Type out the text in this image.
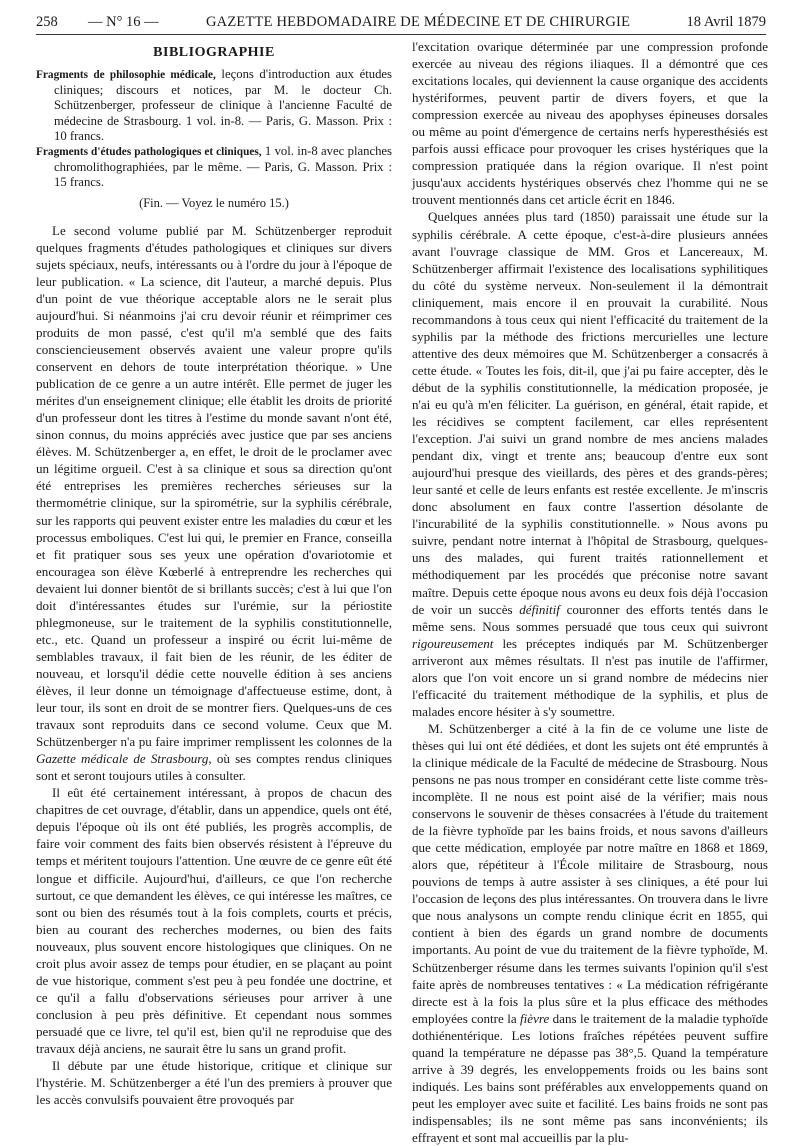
258 — N° 16 —	GAZETTE HEBDOMADAIRE DE MÉDECINE ET DE CHIRURGIE	18 Avril 1879
BIBLIOGRAPHIE

Fragments de philosophie médicale, leçons d'introduction aux études cliniques; discours et notices, par M. le docteur Ch. Schützenberger, professeur de clinique à l'ancienne Faculté de médecine de Strasbourg. 1 vol. in-8. — Paris, G. Masson. Prix : 10 francs.

Fragments d'études pathologiques et cliniques, 1 vol. in-8 avec planches chromolithographiées, par le même. — Paris, G. Masson. Prix : 15 francs.

(Fin. — Voyez le numéro 15.)

Le second volume publié par M. Schützenberger reproduit quelques fragments d'études pathologiques et cliniques sur divers sujets spéciaux, neufs, intéressants ou à l'ordre du jour à l'époque de leur publication. « La science, dit l'auteur, a marché depuis. Plus d'un point de vue théorique acceptable alors ne le serait plus aujourd'hui. Si néanmoins j'ai cru devoir réunir et réimprimer ces produits de mon passé, c'est qu'il m'a semblé que des faits consciencieusement observés avaient une valeur propre qu'ils conservent en dehors de toute interprétation théorique. » Une publication de ce genre a un autre intérêt. Elle permet de juger les mérites d'un enseignement clinique; elle établit les droits de priorité d'un professeur dont les titres à l'estime du monde savant n'ont été, sinon connus, du moins appréciés avec justice que par ses anciens élèves. M. Schützenberger a, en effet, le droit de le proclamer avec un légitime orgueil. C'est à sa clinique et sous sa direction qu'ont été entreprises les premières recherches sérieuses sur la thermométrie clinique, sur la spirométrie, sur la syphilis cérébrale, sur les rapports qui peuvent exister entre les maladies du cœur et les processus emboliques. C'est lui qui, le premier en France, conseilla et fit pratiquer sous ses yeux une opération d'ovariotomie et encouragea son élève Kœberlé à entreprendre les recherches qui devaient lui donner bientôt de si brillants succès; c'est à lui que l'on doit d'intéressantes études sur l'urémie, sur la périostite phlegmoneuse, sur le traitement de la syphilis constitutionnelle, etc., etc. Quand un professeur a inspiré ou écrit lui-même de semblables travaux, il fait bien de les réunir, de les éditer de nouveau, et lorsqu'il dédie cette nouvelle édition à ses anciens élèves, il leur donne un témoignage d'affectueuse estime, dont, à leur tour, ils sont en droit de se montrer fiers. Quelques-uns de ces travaux sont reproduits dans ce second volume. Ceux que M. Schützenberger n'a pu faire imprimer remplissent les colonnes de la Gazette médicale de Strasbourg, où ses comptes rendus cliniques sont et seront toujours utiles à consulter.

Il eût été certainement intéressant, à propos de chacun des chapitres de cet ouvrage, d'établir, dans un appendice, quels ont été, depuis l'époque où ils ont été publiés, les progrès accomplis, de faire voir comment des faits bien observés résistent à l'épreuve du temps et méritent toujours l'attention. Une œuvre de ce genre eût été longue et difficile. Aujourd'hui, d'ailleurs, ce que l'on recherche surtout, ce que demandent les élèves, ce qui intéresse les maîtres, ce sont ou bien des résumés tout à la fois complets, courts et précis, bien au courant des recherches modernes, ou bien des faits nouveaux, plus souvent encore histologiques que cliniques. On ne croit plus avoir assez de temps pour étudier, en se plaçant au point de vue historique, comment s'est peu à peu fondée une doctrine, et ce qu'il a fallu d'observations sérieuses pour arriver à une conclusion à peu près définitive. Et cependant nous sommes persuadé que ce livre, tel qu'il est, bien qu'il ne reproduise que des travaux déjà anciens, ne saurait être lu sans un grand profit.

Il débute par une étude historique, critique et clinique sur l'hystérie. M. Schützenberger a été l'un des premiers à prouver que les accès convulsifs pouvaient être provoqués par

l'excitation ovarique déterminée par une compression profonde exercée au niveau des régions iliaques. Il a démontré que ces excitations locales, qui deviennent la cause organique des accidents hystériformes, peuvent partir de divers foyers, et que la compression exercée au niveau des apophyses épineuses dorsales ou même au point d'émergence de certains nerfs hyperesthésiés est parfois aussi efficace pour provoquer les crises hystériques que la compression pratiquée dans la région ovarique. Il n'est point jusqu'aux accidents hystériques observés chez l'homme qui ne se trouvent mentionnés dans cet article écrit en 1846.

Quelques années plus tard (1850) paraissait une étude sur la syphilis cérébrale. A cette époque, c'est-à-dire plusieurs années avant l'ouvrage classique de MM. Gros et Lancereaux, M. Schützenberger affirmait l'existence des localisations syphilitiques du côté du système nerveux. Non-seulement il la démontrait cliniquement, mais encore il en prouvait la curabilité. Nous recommandons à tous ceux qui nient l'efficacité du traitement de la syphilis par la méthode des frictions mercurielles une lecture attentive des deux mémoires que M. Schützenberger a consacrés à cette étude. « Toutes les fois, dit-il, que j'ai pu faire accepter, dès le début de la syphilis constitutionnelle, la médication proposée, je n'ai eu qu'à m'en féliciter. La guérison, en général, était rapide, et les récidives se comptent facilement, car elles représentent l'exception. J'ai suivi un grand nombre de mes anciens malades pendant dix, vingt et trente ans; beaucoup d'entre eux sont aujourd'hui presque des vieillards, des pères et des grands-pères; leur santé et celle de leurs enfants est restée excellente. Je m'inscris donc absolument en faux contre l'assertion désolante de l'incurabilité de la syphilis constitutionnelle. » Nous avons pu suivre, pendant notre internat à l'hôpital de Strasbourg, quelques-uns des malades, qui furent traités rationnellement et méthodiquement par les procédés que préconise notre savant maître. Depuis cette époque nous avons eu deux fois déjà l'occasion de voir un succès définitif couronner des efforts tentés dans le même sens. Nous sommes persuadé que tous ceux qui suivront rigoureusement les préceptes indiqués par M. Schützenberger arriveront aux mêmes résultats. Il n'est pas inutile de l'affirmer, alors que l'on voit encore un si grand nombre de médecins nier l'efficacité du traitement méthodique de la syphilis, et plus de malades encore hésiter à s'y soumettre.

M. Schützenberger a cité à la fin de ce volume une liste de thèses qui lui ont été dédiées, et dont les sujets ont été empruntés à la clinique médicale de la Faculté de médecine de Strasbourg. Nous pensons ne pas nous tromper en considérant cette liste comme très-incomplète. Il ne nous est point aisé de la vérifier; mais nous conservons le souvenir de thèses consacrées à l'étude du traitement de la fièvre typhoïde par les bains froids, et nous savons d'ailleurs que cette médication, employée par notre maître en 1868 et 1869, alors que, répétiteur à l'École militaire de Strasbourg, nous pouvions de temps à autre assister à ses cliniques, a été pour lui l'occasion de leçons des plus intéressantes. On trouvera dans le livre que nous analysons un compte rendu clinique écrit en 1855, qui contient à bien des égards un grand nombre de documents importants. Au point de vue du traitement de la fièvre typhoïde, M. Schützenberger résume dans les termes suivants l'opinion qu'il s'est faite après de nombreuses tentatives : « La médication réfrigérante directe est à la fois la plus sûre et la plus efficace des méthodes employées contre la fièvre dans le traitement de la maladie typhoïde dothiénentérique. Les lotions fraîches répétées peuvent suffire quand la température ne dépasse pas 38°,5. Quand la température arrive à 39 degrés, les enveloppements froids ou les bains sont indiqués. Les bains sont préférables aux enveloppements quand on peut les employer avec suite et facilité. Les bains froids ne sont pas indispensables; ils ne sont même pas sans inconvénients; ils effrayent et sont mal accueillis par la plu-
